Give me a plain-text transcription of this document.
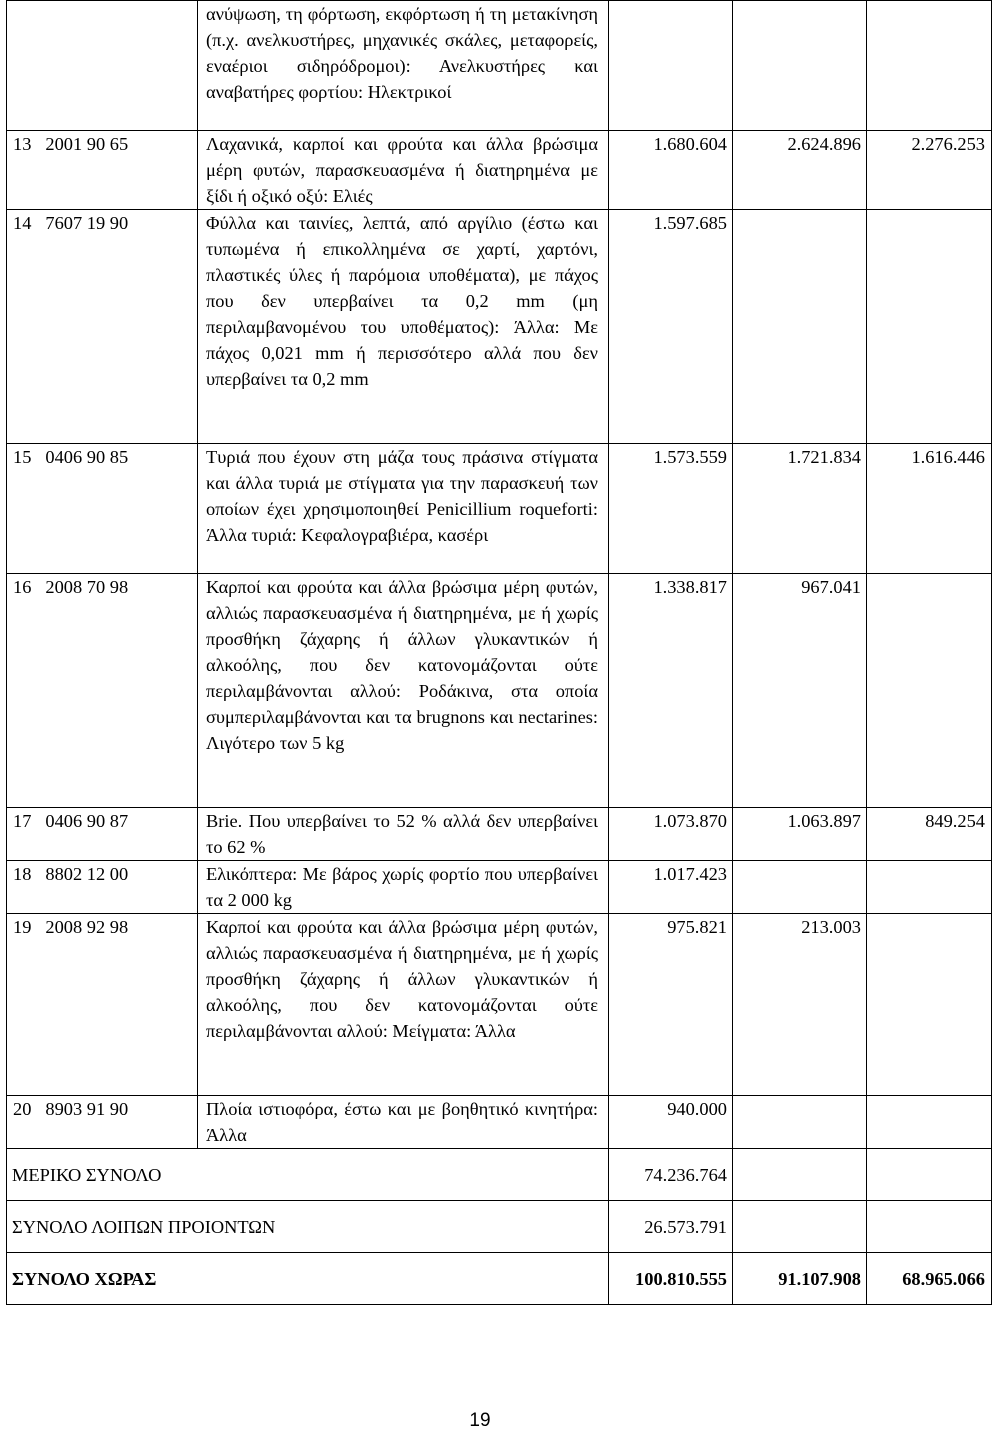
	ανύψωση, τη φόρτωση, εκφόρτωση ή τη μετακίνηση (π.χ. ανελκυστήρες, μηχανικές σκάλες, μεταφορείς, εναέριοι σιδηρόδρομοι): Ανελκυστήρες και αναβατήρες φορτίου: Ηλεκτρικοί			
13 2001 90 65	Λαχανικά, καρποί και φρούτα και άλλα βρώσιμα μέρη φυτών, παρασκευασμένα ή διατηρημένα με ξίδι ή οξικό οξύ: Ελιές	1.680.604	2.624.896	2.276.253
14 7607 19 90	Φύλλα και ταινίες, λεπτά, από αργίλιο (έστω και τυπωμένα ή επικολλημένα σε χαρτί, χαρτόνι, πλαστικές ύλες ή παρόμοια υποθέματα), με πάχος που δεν υπερβαίνει τα 0,2 mm (μη περιλαμβανομένου του υποθέματος): Άλλα: Με πάχος 0,021 mm ή περισσότερο αλλά που δεν υπερβαίνει τα 0,2 mm	1.597.685		
15 0406 90 85	Τυριά που έχουν στη μάζα τους πράσινα στίγματα και άλλα τυριά με στίγματα για την παρασκευή των οποίων έχει χρησιμοποιηθεί Penicillium roqueforti: Άλλα τυριά: Κεφαλογραβιέρα, κασέρι	1.573.559	1.721.834	1.616.446
16 2008 70 98	Καρποί και φρούτα και άλλα βρώσιμα μέρη φυτών, αλλιώς παρασκευασμένα ή διατηρημένα, με ή χωρίς προσθήκη ζάχαρης ή άλλων γλυκαντικών ή αλκοόλης, που δεν κατονομάζονται ούτε περιλαμβάνονται αλλού: Ροδάκινα, στα οποία συμπεριλαμβάνονται και τα brugnons και nectarines: Λιγότερο των 5 kg	1.338.817	967.041	
17 0406 90 87	Brie. Που υπερβαίνει το 52 % αλλά δεν υπερβαίνει το 62 %	1.073.870	1.063.897	849.254
18 8802 12 00	Ελικόπτερα: Με βάρος χωρίς φορτίο που υπερβαίνει τα 2 000 kg	1.017.423		
19 2008 92 98	Καρποί και φρούτα και άλλα βρώσιμα μέρη φυτών, αλλιώς παρασκευασμένα ή διατηρημένα, με ή χωρίς προσθήκη ζάχαρης ή άλλων γλυκαντικών ή αλκοόλης, που δεν κατονομάζονται ούτε περιλαμβάνονται αλλού: Μείγματα: Άλλα	975.821	213.003	
20 8903 91 90	Πλοία ιστιοφόρα, έστω και με βοηθητικό κινητήρα: Άλλα	940.000		
ΜΕΡΙΚΟ ΣΥΝΟΛΟ		74.236.764		
ΣΥΝΟΛΟ ΛΟΙΠΩΝ ΠΡΟΙΟΝΤΩΝ		26.573.791		
ΣΥΝΟΛΟ ΧΩΡΑΣ		100.810.555	91.107.908	68.965.066
19
